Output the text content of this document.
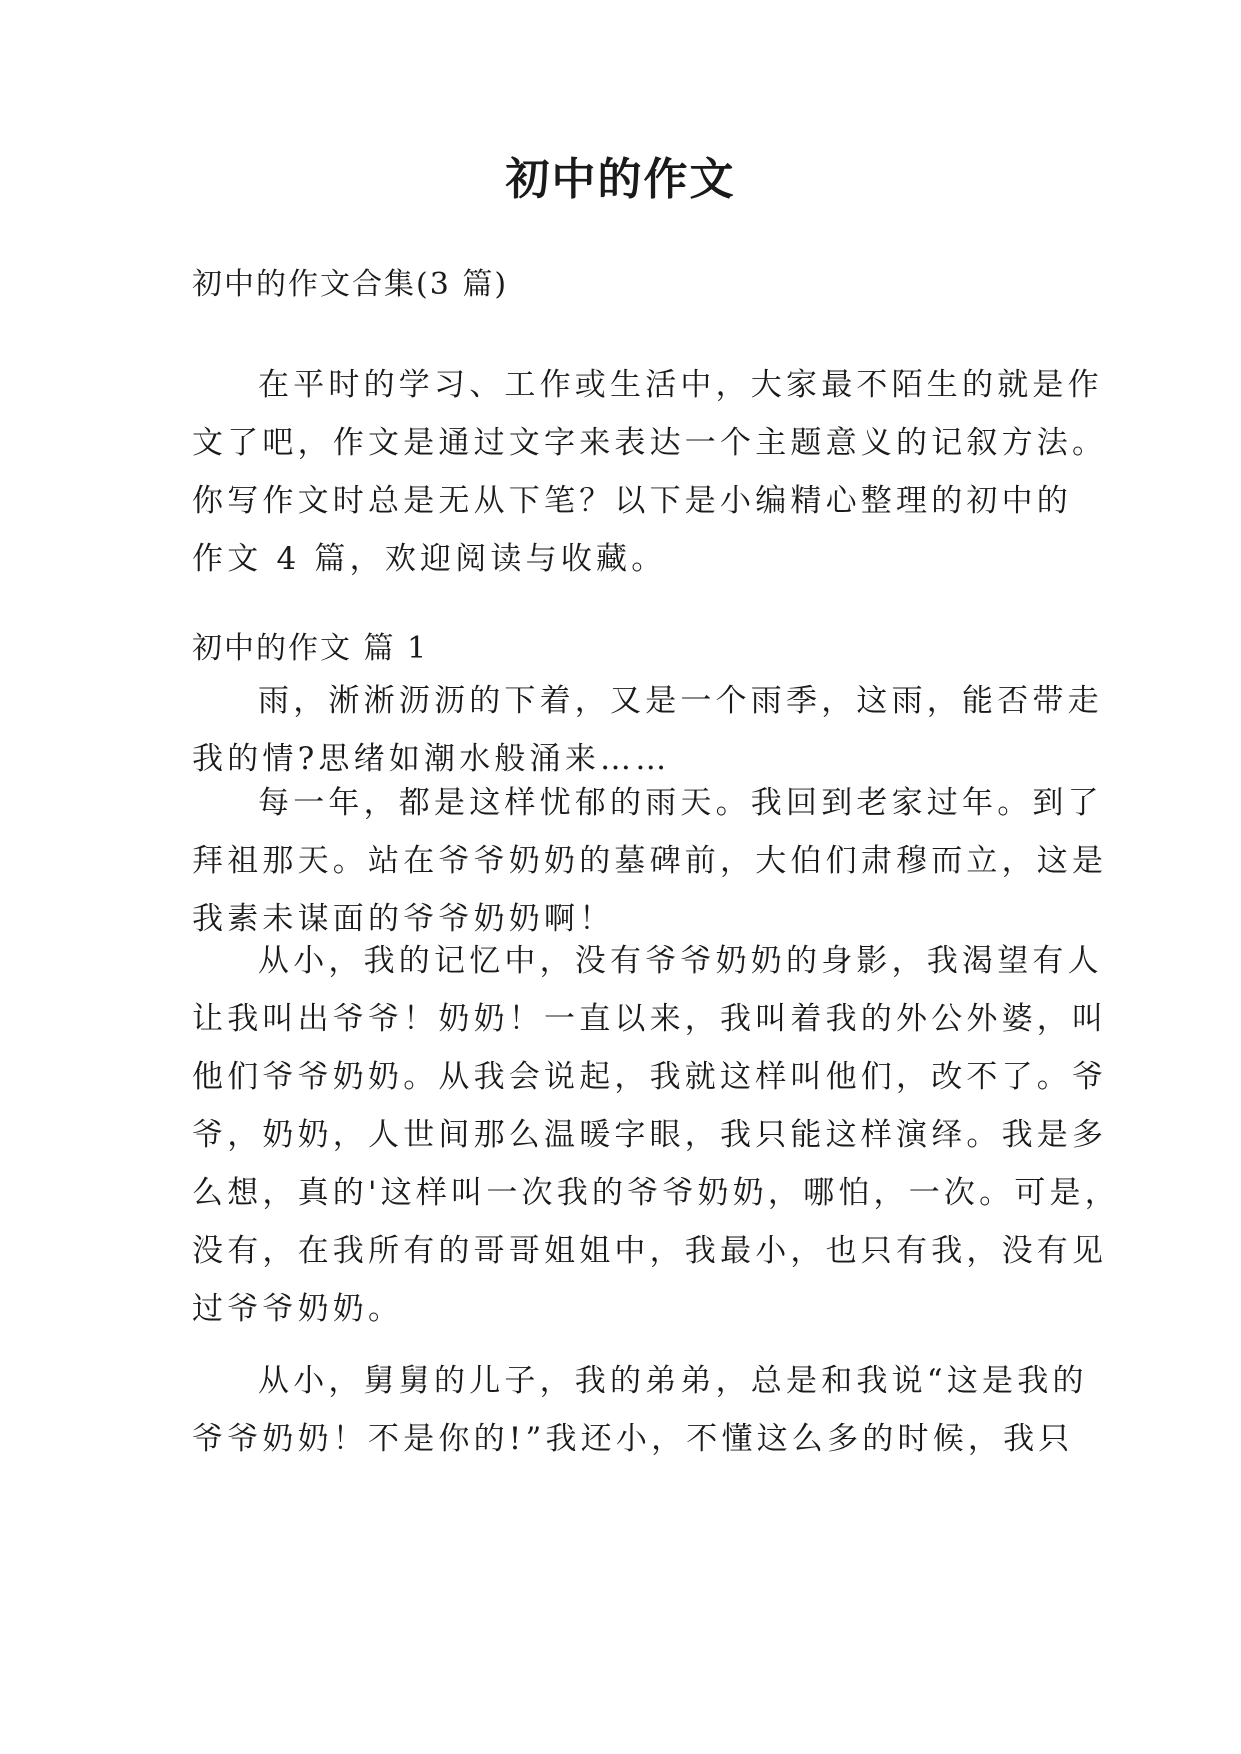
初中的作文
初中的作文合集(3 篇)
在平时的学习、工作或生活中，大家最不陌生的就是作
文了吧，作文是通过文字来表达一个主题意义的记叙方法。
你写作文时总是无从下笔？以下是小编精心整理的初中的
作文 4 篇，欢迎阅读与收藏。
初中的作文 篇 1
雨，淅淅沥沥的下着，又是一个雨季，这雨，能否带走
我的情?思绪如潮水般涌来……
每一年，都是这样忧郁的雨天。我回到老家过年。到了
拜祖那天。站在爷爷奶奶的墓碑前，大伯们肃穆而立，这是
我素未谋面的爷爷奶奶啊！
从小，我的记忆中，没有爷爷奶奶的身影，我渴望有人
让我叫出爷爷！奶奶！一直以来，我叫着我的外公外婆，叫
他们爷爷奶奶。从我会说起，我就这样叫他们，改不了。爷
爷，奶奶，人世间那么温暖字眼，我只能这样演绎。我是多
么想，真的'这样叫一次我的爷爷奶奶，哪怕，一次。可是，
没有，在我所有的哥哥姐姐中，我最小，也只有我，没有见
过爷爷奶奶。
从小，舅舅的儿子，我的弟弟，总是和我说“这是我的
爷爷奶奶！不是你的!”我还小，不懂这么多的时候，我只
